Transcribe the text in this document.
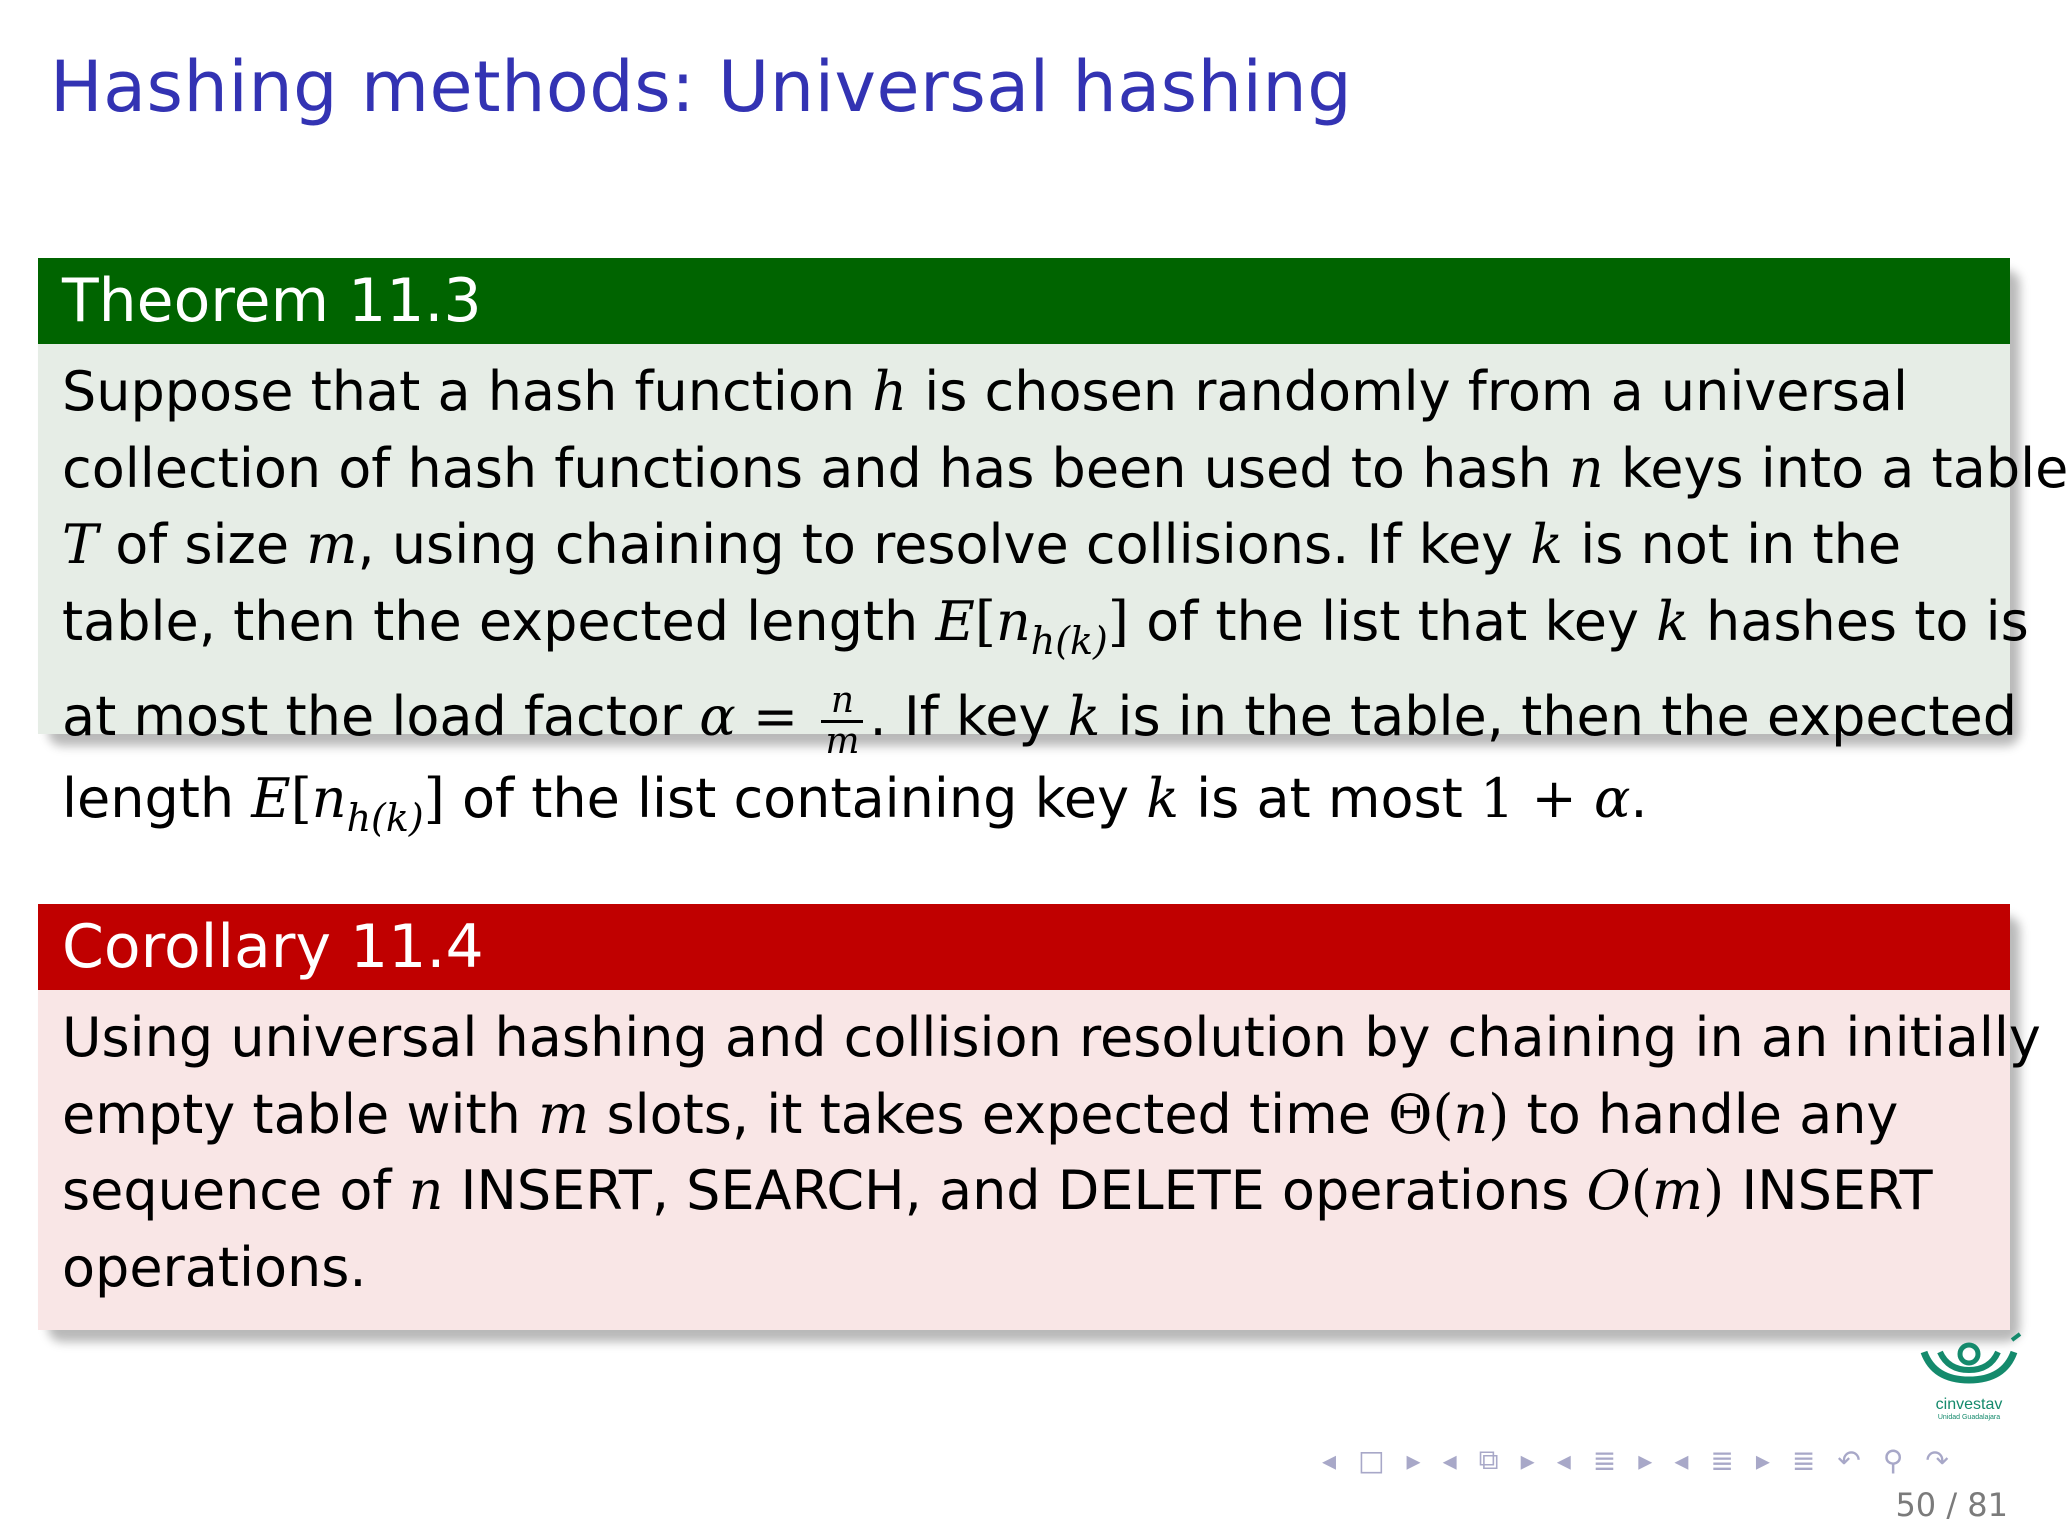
Hashing methods: Universal hashing
Theorem 11.3
Suppose that a hash function h is chosen randomly from a universal
collection of hash functions and has been used to hash n keys into a table
T of size m, using chaining to resolve collisions. If key k is not in the
table, then the expected length $E[n_{h(k)}]$ of the list that key k hashes to is
at most the load factor $\alpha = \frac{n}{m}$ . If key k is in the table, then the expected
length $E[n_{h(k)}]$ of the list containing key k is at most 1 + α.
Corollary 11.4
Using universal hashing and collision resolution by chaining in an initially
empty table with m slots, it takes expected time Θ(n) to handle any
sequence of n INSERT, SEARCH, and DELETE operations O(m) INSERT
operations.
cinvestav
Unidad Guadalajara
◂ □ ▸ ◂ ⧉ ▸ ◂ ≣ ▸ ◂ ≣ ▸ ≣ ↶ ⚲ ↷
50 / 81
